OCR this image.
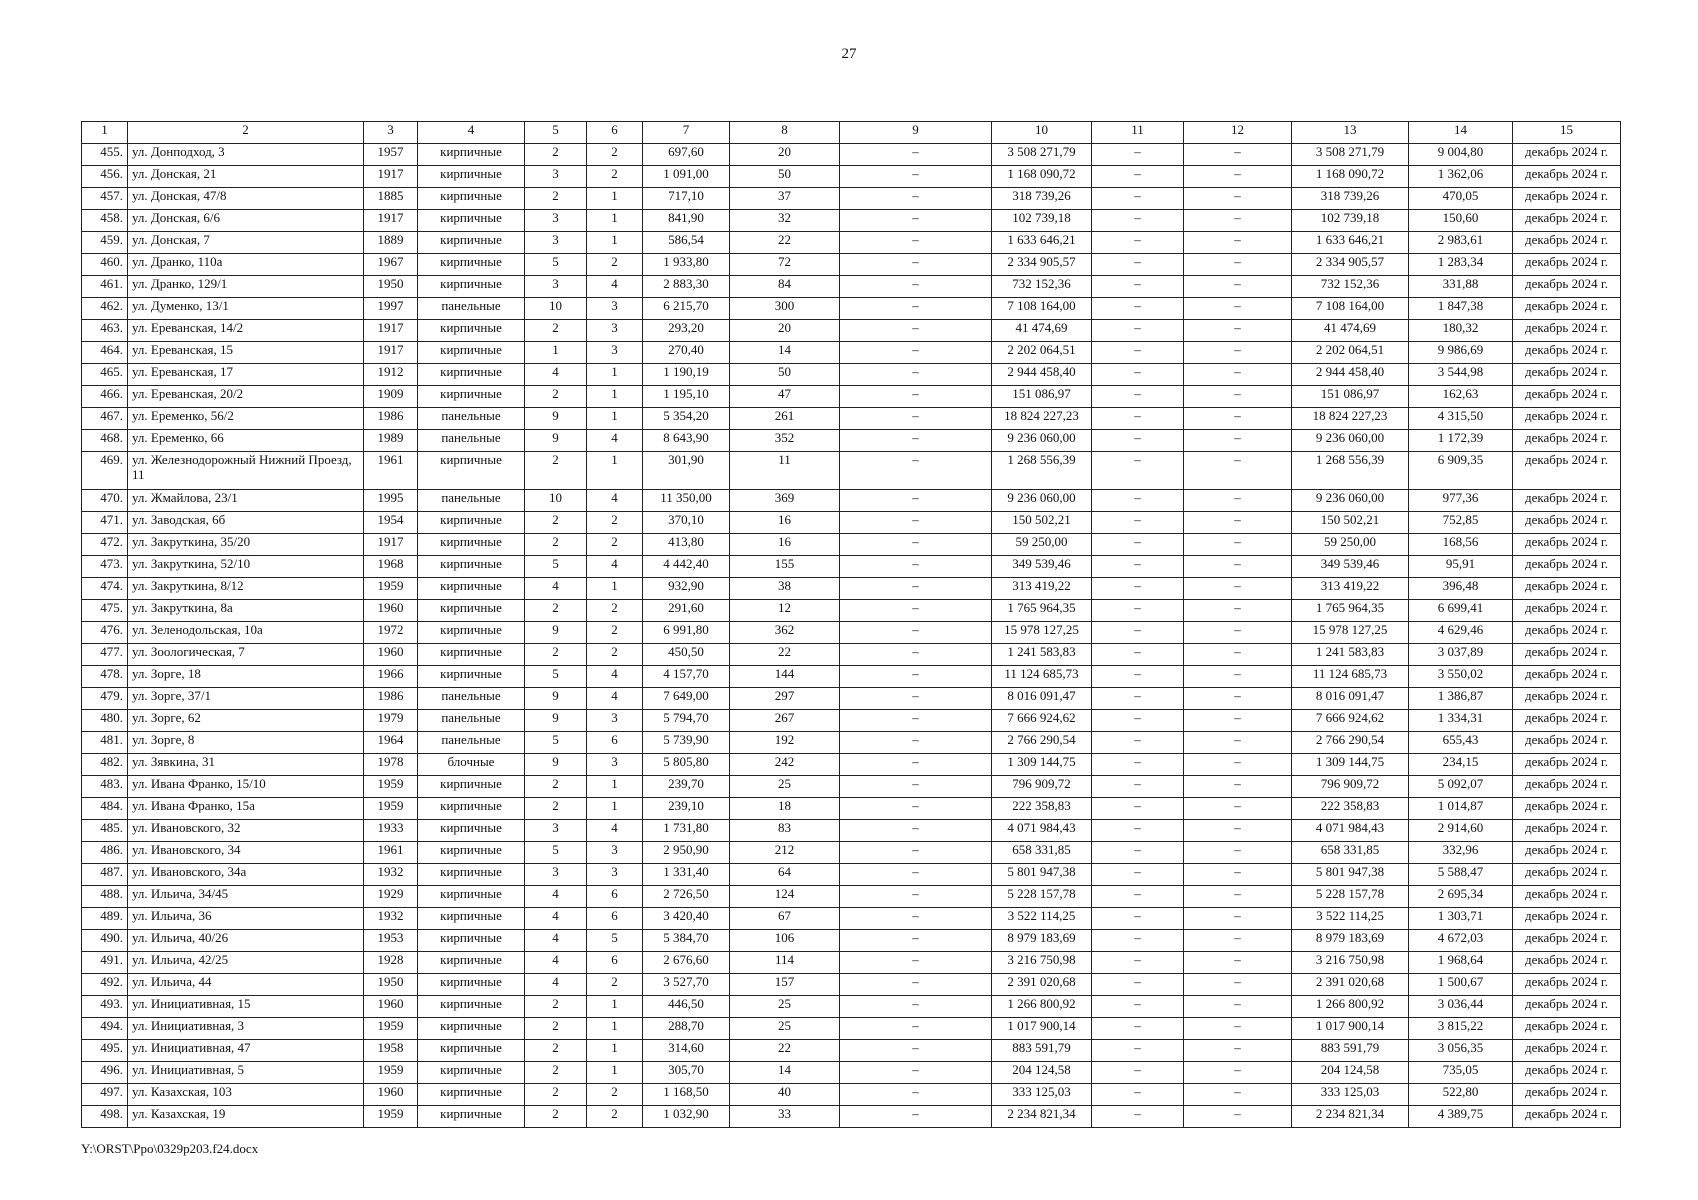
27
1	2	3	4	5	6	7	8	9	10	11	12	13	14	15
455.	ул. Донподход, 3	1957	кирпичные	2	2	697,60	20	–	3 508 271,79	–	–	3 508 271,79	9 004,80	декабрь 2024 г.
456.	ул. Донская, 21	1917	кирпичные	3	2	1 091,00	50	–	1 168 090,72	–	–	1 168 090,72	1 362,06	декабрь 2024 г.
457.	ул. Донская, 47/8	1885	кирпичные	2	1	717,10	37	–	318 739,26	–	–	318 739,26	470,05	декабрь 2024 г.
458.	ул. Донская, 6/6	1917	кирпичные	3	1	841,90	32	–	102 739,18	–	–	102 739,18	150,60	декабрь 2024 г.
459.	ул. Донская, 7	1889	кирпичные	3	1	586,54	22	–	1 633 646,21	–	–	1 633 646,21	2 983,61	декабрь 2024 г.
460.	ул. Дранко, 110а	1967	кирпичные	5	2	1 933,80	72	–	2 334 905,57	–	–	2 334 905,57	1 283,34	декабрь 2024 г.
461.	ул. Дранко, 129/1	1950	кирпичные	3	4	2 883,30	84	–	732 152,36	–	–	732 152,36	331,88	декабрь 2024 г.
462.	ул. Думенко, 13/1	1997	панельные	10	3	6 215,70	300	–	7 108 164,00	–	–	7 108 164,00	1 847,38	декабрь 2024 г.
463.	ул. Ереванская, 14/2	1917	кирпичные	2	3	293,20	20	–	41 474,69	–	–	41 474,69	180,32	декабрь 2024 г.
464.	ул. Ереванская, 15	1917	кирпичные	1	3	270,40	14	–	2 202 064,51	–	–	2 202 064,51	9 986,69	декабрь 2024 г.
465.	ул. Ереванская, 17	1912	кирпичные	4	1	1 190,19	50	–	2 944 458,40	–	–	2 944 458,40	3 544,98	декабрь 2024 г.
466.	ул. Ереванская, 20/2	1909	кирпичные	2	1	1 195,10	47	–	151 086,97	–	–	151 086,97	162,63	декабрь 2024 г.
467.	ул. Еременко, 56/2	1986	панельные	9	1	5 354,20	261	–	18 824 227,23	–	–	18 824 227,23	4 315,50	декабрь 2024 г.
468.	ул. Еременко, 66	1989	панельные	9	4	8 643,90	352	–	9 236 060,00	–	–	9 236 060,00	1 172,39	декабрь 2024 г.
469.	ул. Железнодорожный Нижний Проезд, 11	1961	кирпичные	2	1	301,90	11	–	1 268 556,39	–	–	1 268 556,39	6 909,35	декабрь 2024 г.
470.	ул. Жмайлова, 23/1	1995	панельные	10	4	11 350,00	369	–	9 236 060,00	–	–	9 236 060,00	977,36	декабрь 2024 г.
471.	ул. Заводская, 6б	1954	кирпичные	2	2	370,10	16	–	150 502,21	–	–	150 502,21	752,85	декабрь 2024 г.
472.	ул. Закруткина, 35/20	1917	кирпичные	2	2	413,80	16	–	59 250,00	–	–	59 250,00	168,56	декабрь 2024 г.
473.	ул. Закруткина, 52/10	1968	кирпичные	5	4	4 442,40	155	–	349 539,46	–	–	349 539,46	95,91	декабрь 2024 г.
474.	ул. Закруткина, 8/12	1959	кирпичные	4	1	932,90	38	–	313 419,22	–	–	313 419,22	396,48	декабрь 2024 г.
475.	ул. Закруткина, 8а	1960	кирпичные	2	2	291,60	12	–	1 765 964,35	–	–	1 765 964,35	6 699,41	декабрь 2024 г.
476.	ул. Зеленодольская, 10а	1972	кирпичные	9	2	6 991,80	362	–	15 978 127,25	–	–	15 978 127,25	4 629,46	декабрь 2024 г.
477.	ул. Зоологическая, 7	1960	кирпичные	2	2	450,50	22	–	1 241 583,83	–	–	1 241 583,83	3 037,89	декабрь 2024 г.
478.	ул. Зорге, 18	1966	кирпичные	5	4	4 157,70	144	–	11 124 685,73	–	–	11 124 685,73	3 550,02	декабрь 2024 г.
479.	ул. Зорге, 37/1	1986	панельные	9	4	7 649,00	297	–	8 016 091,47	–	–	8 016 091,47	1 386,87	декабрь 2024 г.
480.	ул. Зорге, 62	1979	панельные	9	3	5 794,70	267	–	7 666 924,62	–	–	7 666 924,62	1 334,31	декабрь 2024 г.
481.	ул. Зорге, 8	1964	панельные	5	6	5 739,90	192	–	2 766 290,54	–	–	2 766 290,54	655,43	декабрь 2024 г.
482.	ул. Зявкина, 31	1978	блочные	9	3	5 805,80	242	–	1 309 144,75	–	–	1 309 144,75	234,15	декабрь 2024 г.
483.	ул. Ивана Франко, 15/10	1959	кирпичные	2	1	239,70	25	–	796 909,72	–	–	796 909,72	5 092,07	декабрь 2024 г.
484.	ул. Ивана Франко, 15а	1959	кирпичные	2	1	239,10	18	–	222 358,83	–	–	222 358,83	1 014,87	декабрь 2024 г.
485.	ул. Ивановского, 32	1933	кирпичные	3	4	1 731,80	83	–	4 071 984,43	–	–	4 071 984,43	2 914,60	декабрь 2024 г.
486.	ул. Ивановского, 34	1961	кирпичные	5	3	2 950,90	212	–	658 331,85	–	–	658 331,85	332,96	декабрь 2024 г.
487.	ул. Ивановского, 34а	1932	кирпичные	3	3	1 331,40	64	–	5 801 947,38	–	–	5 801 947,38	5 588,47	декабрь 2024 г.
488.	ул. Ильича, 34/45	1929	кирпичные	4	6	2 726,50	124	–	5 228 157,78	–	–	5 228 157,78	2 695,34	декабрь 2024 г.
489.	ул. Ильича, 36	1932	кирпичные	4	6	3 420,40	67	–	3 522 114,25	–	–	3 522 114,25	1 303,71	декабрь 2024 г.
490.	ул. Ильича, 40/26	1953	кирпичные	4	5	5 384,70	106	–	8 979 183,69	–	–	8 979 183,69	4 672,03	декабрь 2024 г.
491.	ул. Ильича, 42/25	1928	кирпичные	4	6	2 676,60	114	–	3 216 750,98	–	–	3 216 750,98	1 968,64	декабрь 2024 г.
492.	ул. Ильича, 44	1950	кирпичные	4	2	3 527,70	157	–	2 391 020,68	–	–	2 391 020,68	1 500,67	декабрь 2024 г.
493.	ул. Инициативная, 15	1960	кирпичные	2	1	446,50	25	–	1 266 800,92	–	–	1 266 800,92	3 036,44	декабрь 2024 г.
494.	ул. Инициативная, 3	1959	кирпичные	2	1	288,70	25	–	1 017 900,14	–	–	1 017 900,14	3 815,22	декабрь 2024 г.
495.	ул. Инициативная, 47	1958	кирпичные	2	1	314,60	22	–	883 591,79	–	–	883 591,79	3 056,35	декабрь 2024 г.
496.	ул. Инициативная, 5	1959	кирпичные	2	1	305,70	14	–	204 124,58	–	–	204 124,58	735,05	декабрь 2024 г.
497.	ул. Казахская, 103	1960	кирпичные	2	2	1 168,50	40	–	333 125,03	–	–	333 125,03	522,80	декабрь 2024 г.
498.	ул. Казахская, 19	1959	кирпичные	2	2	1 032,90	33	–	2 234 821,34	–	–	2 234 821,34	4 389,75	декабрь 2024 г.
Y:\ORST\Ppo\0329p203.f24.docx
